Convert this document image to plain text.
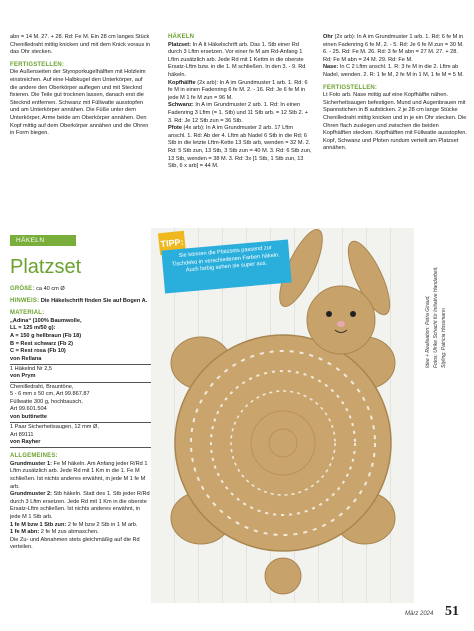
abn = 14 M. 27. + 28. Rd: Fe M. Ein 28 cm langes Stück Chenilledraht mittig knicken und mit dem Knick voraus in das Ohr stecken.

FERTIGSTELLEN:

Die Außenseiten der Styroporkugelhälften mit Holzleim einstreichen. Auf eine Halbkugel den Unterkörper, auf die andere den Oberkörper auflegen und mit Stecknd fixieren. Die Teile gut trocknen lassen, danach erst die Stecknd entfernen. Schwanz mit Füllwatte ausstopfen und am Unterkörper annähen. Die Füße unter dem Unterkörper, Arme beide am Oberkörper annähen. Den Kopf mittig auf dem Oberkörper annähen und die Ohren in Form biegen.

HÄKELN
Platzset

GRÖßE: ca 40 cm Ø

HINWEIS: Die Häkelschrift finden Sie auf Bogen A.

MATERIAL:

„Adina“ (100% Baumwolle,

LL = 125 m/50 g):

A = 150 g hellbraun (Fb 18)

B = Rest schwarz (Fb 2)

C = Rest rosa (Fb 10)

von Rellana

1 Häkelnd Nr 2,5

von Prym

Chenilledraht, Brauntöne,

5 - 6 mm x 50 cm, Art 99.867.87

Füllwatte 300 g, hochbausch,

Art 99.601.504

von buttinette

1 Paar Sicherheitsaugen, 12 mm Ø,

Art 89111

von Rayher

ALLGEMEINES:

Grundmuster 1: Fe M häkeln. Am Anfang jeder R/Rd 1 Lftm zusätzlich arb. Jede Rd mit 1 Km in die 1. Fe M schließen. Ist nichts anderes erwähnt, in jede M 1 fe M arb.

Grundmuster 2: Stb häkeln. Statt des 1. Stb jeder R/Rd durch 3 Lftm ersetzen. Jede Rd mit 1 Km in die oberste Ersatz-Lftm schließen. Ist nichts anderes erwähnt, in jede M 1 Stb arb.

1 fe M bzw 1 Stb zun: 2 fe M bzw 2 Stb in 1 M arb.

1 fe M abn: 2 fe M zus abmaschen.

Die Zu- und Abnahmen stets gleichmäßig auf die Rd verteilen.

HÄKELN

Platzset: In A It Häkelschrift arb. Das 1. Stb einer Rd durch 3 Lftm ersetzen. Vor einer fe M am Rd-Anfang 1 Lftm zusätzlich arb. Jede Rd mit 1 Kettm in die oberste Ersatz-Lftm bzw. in die 1. M schließen. In den 3. - 9. Rd häkeln.

Kopfhälfte (2x arb): In A im Grundmuster 1 arb. 1. Rd: 6 fe M in einen Fadenring 6 fe M. 2. - 16. Rd: Je 6 fe M in jede M 1 fe M zun = 96 M.

Schwanz: In A im Grundmuster 2 arb. 1. Rd: In einen Fadenring 3 Lftm (= 1. Stb) und 11 Stb arb. = 12 Stb 2. + 3. Rd: Je 12 Stb zun = 36 Stb.

Pfote (4x arb): In A im Grundmuster 2 arb. 17 Lftm anschl. 1. Rd: Ab der 4. Lftm ab Nadel 6 Stb in die Rd; 6 Stb in die letzte Lftm-Kette 13 Stb arb, wenden = 32 M. 2. Rd: 5 Stb zun, 13 Stb, 3 Stb zun = 40 M. 3. Rd: 6 Stb zun, 13 Stb, wenden = 38 M. 3. Rd: 3x [1 Stb, 1 Stb zun, 13 Stb, 6 x arb] = 44 M.

Ohr (2x arb): In A im Grundmuster 1 arb. 1. Rd: 6 fe M in einen Fadenring 6 fe M. 2. - 5. Rd: Je 6 fe M zun = 30 M. 6. - 25. Rd: Fe M. 26. Rd: 3 fe M abn = 27 M. 27. + 28. Rd: Fe M abn = 24 M. 29. Rd: Fe M.

Nase: In C 2 Lftm anschl. 1. R: 3 fe M in die 2. Lftm ab Nadel, wenden. 2. R: 1 fe M, 2 fe M in 1 M, 1 fe M = 5 M.

FERTIGSTELLEN:

Lt Foto arb. Nase mittig auf eine Kopfhälfte nähen. Sicherheitsaugen befestigen. Mund und Augenbrauen mit Spannstichen in B aufsticken. 2 je 28 cm lange Stücke Chenilledraht mittig knicken und in je ein Ohr stecken. Die Ohren flach zuslegen und zwischen die beiden Kopfhälften stecken. Kopfhälften mit Füllwatte ausstopfen. Kopf, Schwanz und Pfoten rundum verteilt am Platzset annähen.

TIPP:
Sie können die Platzsets passend zur Tischdeko in verschiedenen Farben häkeln. Auch farbig sehen sie super aus.
Idee + Realisation: Petra Giraud, Fotos: Ulrike Schacht für Initiative Handarbeit, Styling: Patricia Hossmann
März 2024 51
